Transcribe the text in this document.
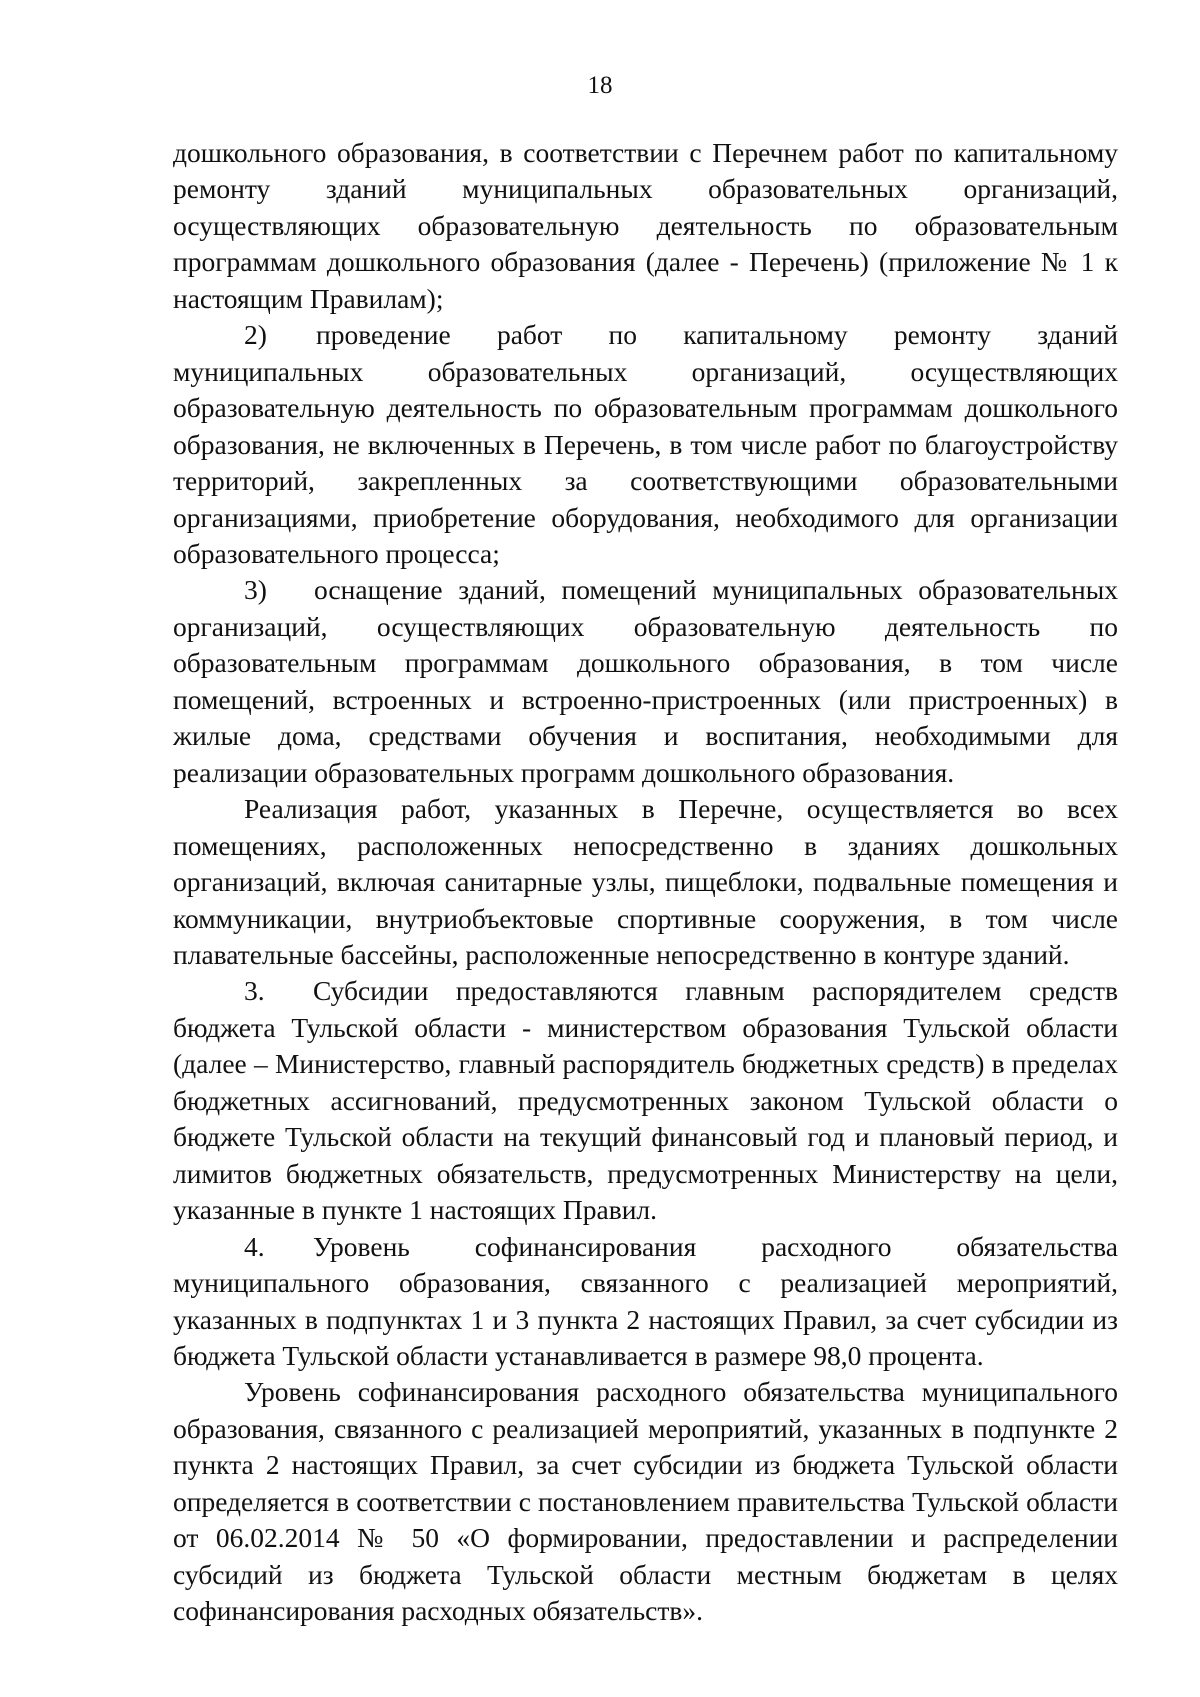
18

дошкольного образования, в соответствии с Перечнем работ по капитальному ремонту зданий муниципальных образовательных организаций, осуществляющих образовательную деятельность по образовательным программам дошкольного образования (далее - Перечень) (приложение № 1 к настоящим Правилам);

2) проведение работ по капитальному ремонту зданий муниципальных образовательных организаций, осуществляющих образовательную деятельность по образовательным программам дошкольного образования, не включенных в Перечень, в том числе работ по благоустройству территорий, закрепленных за соответствующими образовательными организациями, приобретение оборудования, необходимого для организации образовательного процесса;

3) оснащение зданий, помещений муниципальных образовательных организаций, осуществляющих образовательную деятельность по образовательным программам дошкольного образования, в том числе помещений, встроенных и встроенно-пристроенных (или пристроенных) в жилые дома, средствами обучения и воспитания, необходимыми для реализации образовательных программ дошкольного образования.

Реализация работ, указанных в Перечне, осуществляется во всех помещениях, расположенных непосредственно в зданиях дошкольных организаций, включая санитарные узлы, пищеблоки, подвальные помещения и коммуникации, внутриобъектовые спортивные сооружения, в том числе плавательные бассейны, расположенные непосредственно в контуре зданий.

3. Субсидии предоставляются главным распорядителем средств бюджета Тульской области - министерством образования Тульской области (далее – Министерство, главный распорядитель бюджетных средств) в пределах бюджетных ассигнований, предусмотренных законом Тульской области о бюджете Тульской области на текущий финансовый год и плановый период, и лимитов бюджетных обязательств, предусмотренных Министерству на цели, указанные в пункте 1 настоящих Правил.

4. Уровень софинансирования расходного обязательства муниципального образования, связанного с реализацией мероприятий, указанных в подпунктах 1 и 3 пункта 2 настоящих Правил, за счет субсидии из бюджета Тульской области устанавливается в размере 98,0 процента.

Уровень софинансирования расходного обязательства муниципального образования, связанного с реализацией мероприятий, указанных в подпункте 2 пункта 2 настоящих Правил, за счет субсидии из бюджета Тульской области определяется в соответствии с постановлением правительства Тульской области от 06.02.2014 № 50 «О формировании, предоставлении и распределении субсидий из бюджета Тульской области местным бюджетам в целях софинансирования расходных обязательств».
